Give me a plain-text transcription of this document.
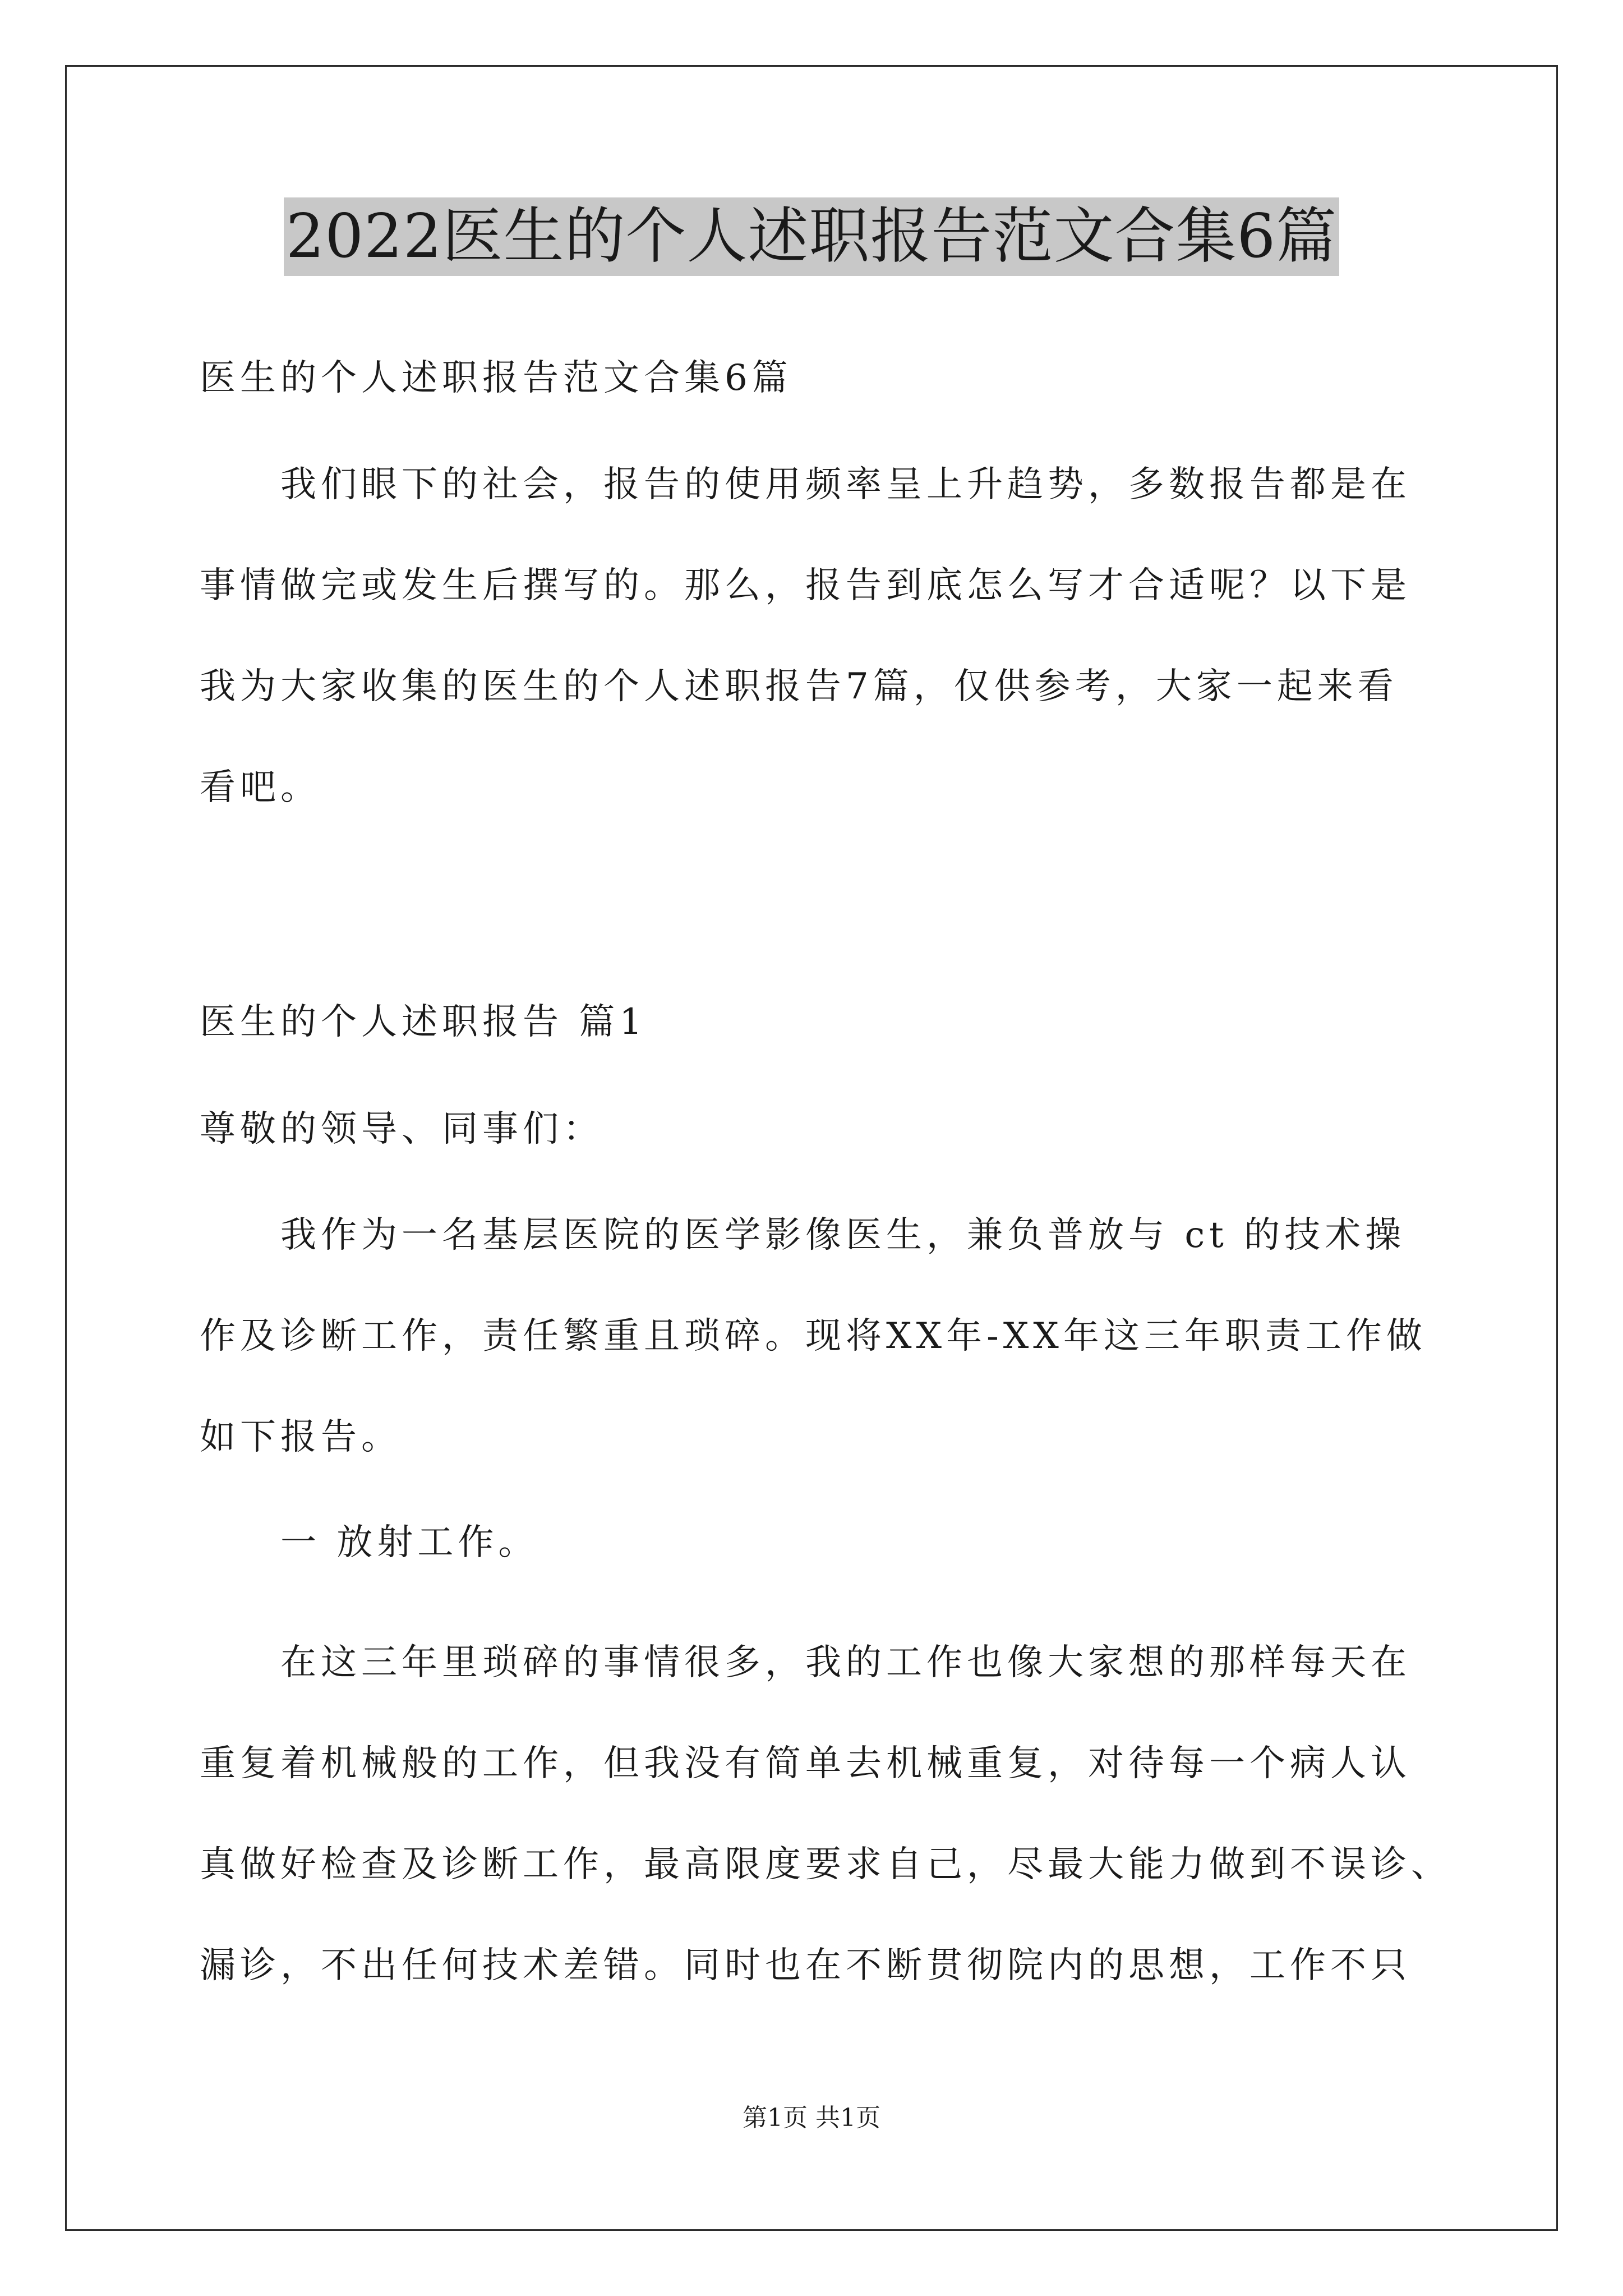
2022医生的个人述职报告范文合集6篇
医生的个人述职报告范文合集6篇
我们眼下的社会，报告的使用频率呈上升趋势，多数报告都是在
事情做完或发生后撰写的。那么，报告到底怎么写才合适呢？以下是
我为大家收集的医生的个人述职报告7篇，仅供参考，大家一起来看
看吧。
医生的个人述职报告 篇1
尊敬的领导、同事们：
我作为一名基层医院的医学影像医生，兼负普放与 ct 的技术操
作及诊断工作，责任繁重且琐碎。现将XX年-XX年这三年职责工作做
如下报告。
一 放射工作。
在这三年里琐碎的事情很多，我的工作也像大家想的那样每天在
重复着机械般的工作，但我没有简单去机械重复，对待每一个病人认
真做好检查及诊断工作，最高限度要求自己，尽最大能力做到不误诊、
漏诊，不出任何技术差错。同时也在不断贯彻院内的思想，工作不只
第1页 共1页
